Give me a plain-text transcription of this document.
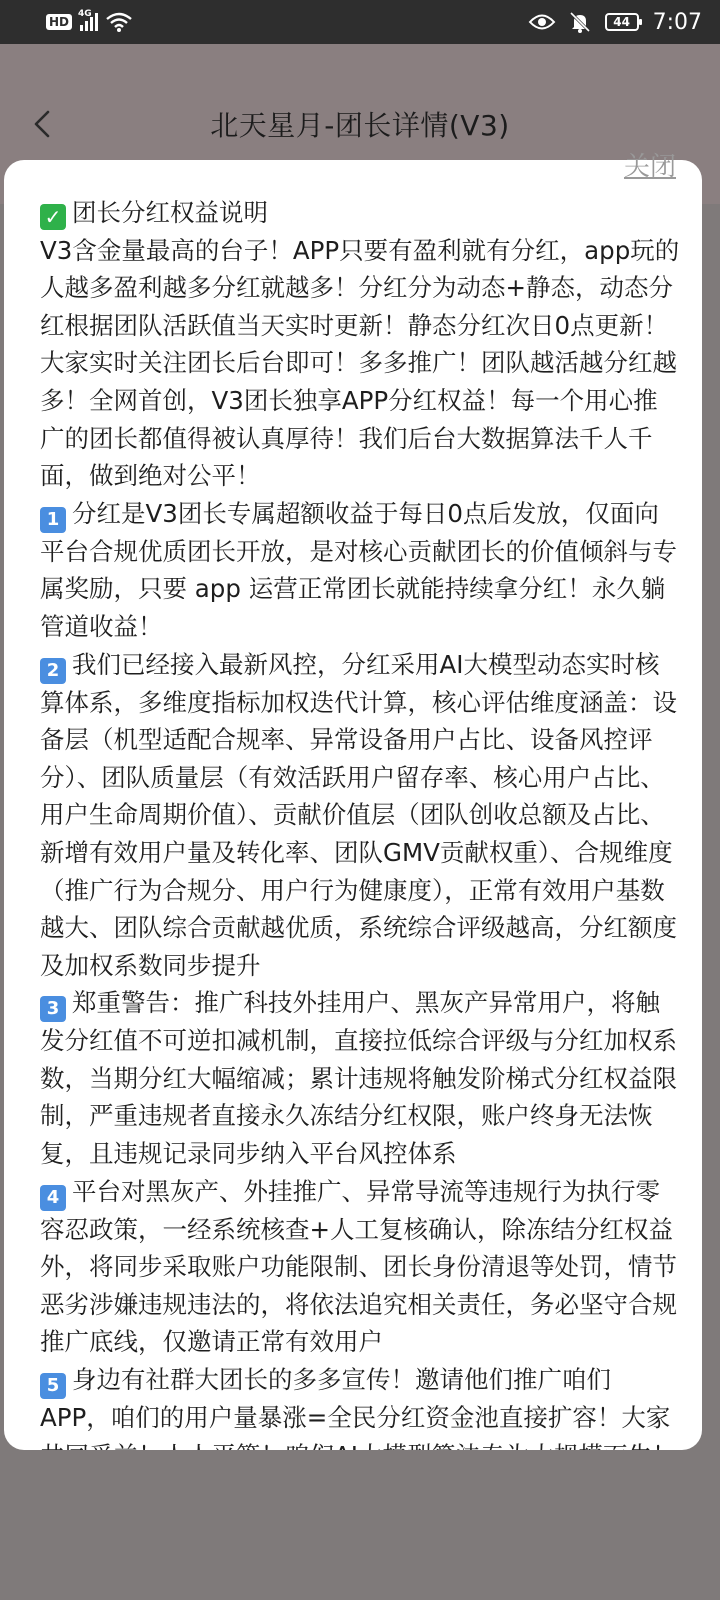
HD
4G
44 7:07
北天星月-团长详情(V3)
关闭

✓ 团长分红权益说明

V3含金量最高的台子！APP只要有盈利就有分红，app玩的人越多盈利越多分红就越多！分红分为动态+静态，动态分红根据团队活跃值当天实时更新！静态分红次日0点更新！大家实时关注团长后台即可！多多推广！团队越活越分红越多！全网首创，V3团长独享APP分红权益！每一个用心推广的团长都值得被认真厚待！我们后台大数据算法千人千面，做到绝对公平！

1 分红是V3团长专属超额收益于每日0点后发放，仅面向平台合规优质团长开放，是对核心贡献团长的价值倾斜与专属奖励，只要 app 运营正常团长就能持续拿分红！永久躺管道收益！

2 我们已经接入最新风控，分红采用AI大模型动态实时核算体系，多维度指标加权迭代计算，核心评估维度涵盖：设备层（机型适配合规率、异常设备用户占比、设备风控评分）、团队质量层（有效活跃用户留存率、核心用户占比、用户生命周期价值）、贡献价值层（团队创收总额及占比、新增有效用户量及转化率、团队GMV贡献权重）、合规维度（推广行为合规分、用户行为健康度），正常有效用户基数越大、团队综合贡献越优质，系统综合评级越高，分红额度及加权系数同步提升

3 郑重警告：推广科技外挂用户、黑灰产异常用户，将触发分红值不可逆扣减机制，直接拉低综合评级与分红加权系数，当期分红大幅缩减；累计违规将触发阶梯式分红权益限制，严重违规者直接永久冻结分红权限，账户终身无法恢复，且违规记录同步纳入平台风控体系

4 平台对黑灰产、外挂推广、异常导流等违规行为执行零容忍政策，一经系统核查+人工复核确认，除冻结分红权益外，将同步采取账户功能限制、团长身份清退等处罚，情节恶劣涉嫌违规违法的，将依法追究相关责任，务必坚守合规推广底线，仅邀请正常有效用户

5 身边有社群大团长的多多宣传！邀请他们推广咱们APP，咱们的用户量暴涨=全民分红资金池直接扩容！大家
